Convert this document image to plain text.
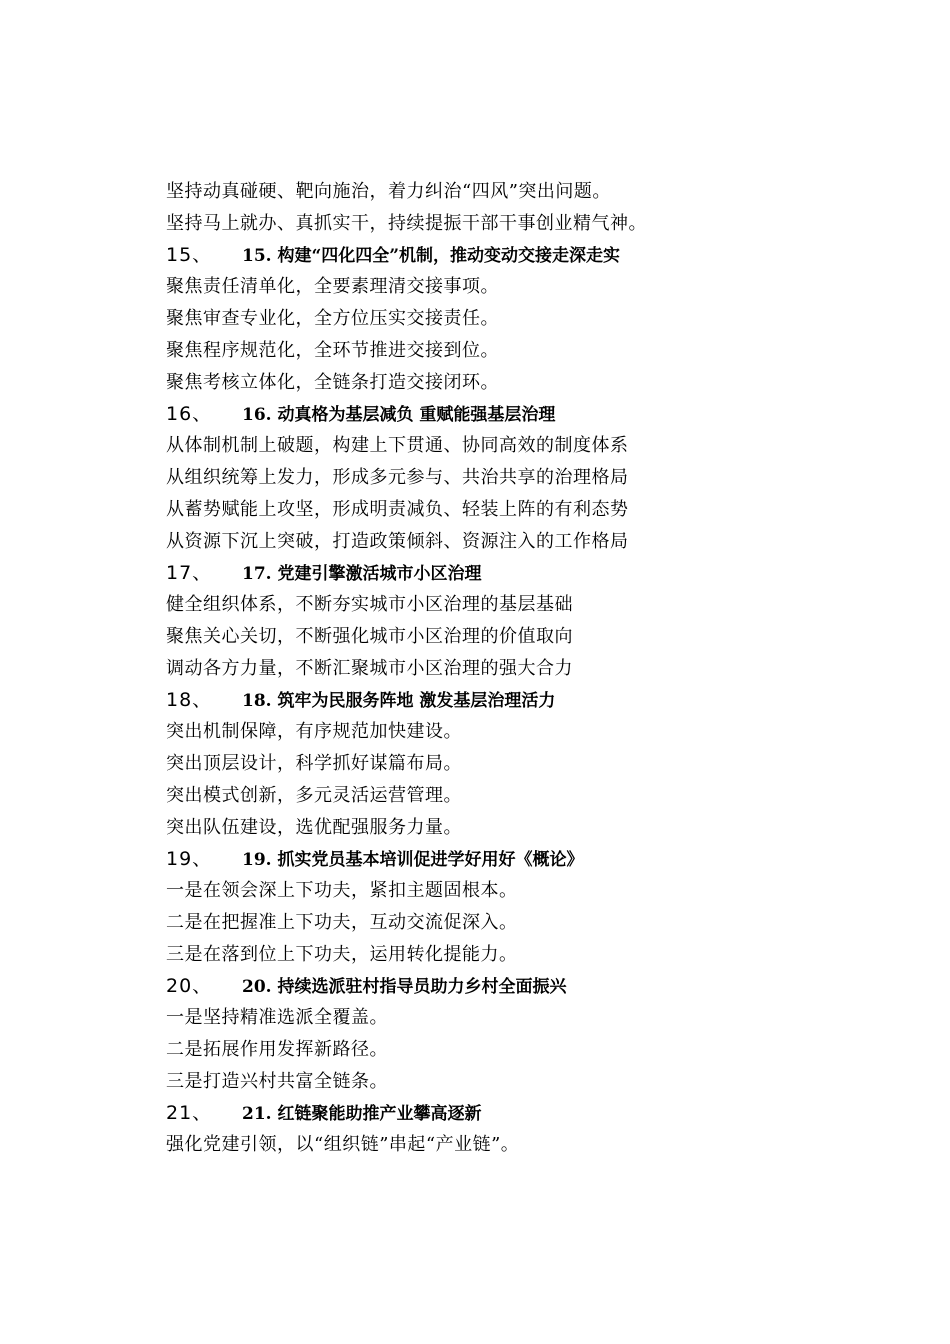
坚持动真碰硬、靶向施治，着力纠治“四风”突出问题。
坚持马上就办、真抓实干，持续提振干部干事创业精气神。
15、 15. 构建“四化四全”机制，推动变动交接走深走实
聚焦责任清单化，全要素理清交接事项。
聚焦审查专业化，全方位压实交接责任。
聚焦程序规范化，全环节推进交接到位。
聚焦考核立体化，全链条打造交接闭环。
16、 16. 动真格为基层减负 重赋能强基层治理
从体制机制上破题，构建上下贯通、协同高效的制度体系
从组织统筹上发力，形成多元参与、共治共享的治理格局
从蓄势赋能上攻坚，形成明责减负、轻装上阵的有利态势
从资源下沉上突破，打造政策倾斜、资源注入的工作格局
17、 17. 党建引擎激活城市小区治理
健全组织体系，不断夯实城市小区治理的基层基础
聚焦关心关切，不断强化城市小区治理的价值取向
调动各方力量，不断汇聚城市小区治理的强大合力
18、 18. 筑牢为民服务阵地 激发基层治理活力
突出机制保障，有序规范加快建设。
突出顶层设计，科学抓好谋篇布局。
突出模式创新，多元灵活运营管理。
突出队伍建设，选优配强服务力量。
19、 19. 抓实党员基本培训促进学好用好《概论》
一是在领会深上下功夫，紧扣主题固根本。
二是在把握准上下功夫，互动交流促深入。
三是在落到位上下功夫，运用转化提能力。
20、 20. 持续选派驻村指导员助力乡村全面振兴
一是坚持精准选派全覆盖。
二是拓展作用发挥新路径。
三是打造兴村共富全链条。
21、 21. 红链聚能助推产业攀高逐新
强化党建引领，以“组织链”串起“产业链”。
